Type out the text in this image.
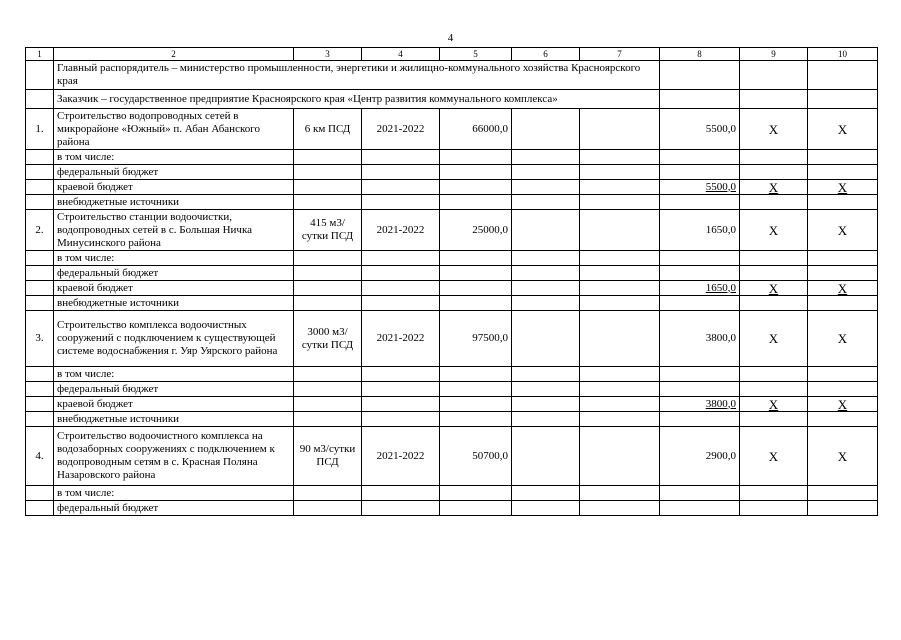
4
1	2	3	4	5	6	7	8	9	10
	Главный распорядитель – министерство промышленности, энергетики и жилищно-коммунального хозяйства Красноярского края								
	Заказчик – государственное предприятие Красноярского края «Центр развития коммунального комплекса»								
1.	Строительство водопроводных сетей в микрорайоне «Южный» п. Абан Абанского района	6 км ПСД	2021-2022	66000,0			5500,0	Х	Х
	в том числе:								
	федеральный бюджет								
	краевой бюджет						5500,0	Х	Х
	внебюджетные источники								
2.	Строительство станции водоочистки, водопроводных сетей в с. Большая Ничка Минусинского района	415 м3/сутки ПСД	2021-2022	25000,0			1650,0	Х	Х
	в том числе:								
	федеральный бюджет								
	краевой бюджет						1650,0	Х	Х
	внебюджетные источники								
3.	Строительство комплекса водоочистных сооружений с подключением к существующей системе водоснабжения г. Уяр Уярского района	3000 м3/сутки ПСД	2021-2022	97500,0			3800,0	Х	Х
	в том числе:								
	федеральный бюджет								
	краевой бюджет						3800,0	Х	Х
	внебюджетные источники								
4.	Строительство водоочистного комплекса на водозаборных сооружениях с подключением к водопроводным сетям в с. Красная Поляна Назаровского района	90 м3/сутки ПСД	2021-2022	50700,0			2900,0	Х	Х
	в том числе:								
	федеральный бюджет								
